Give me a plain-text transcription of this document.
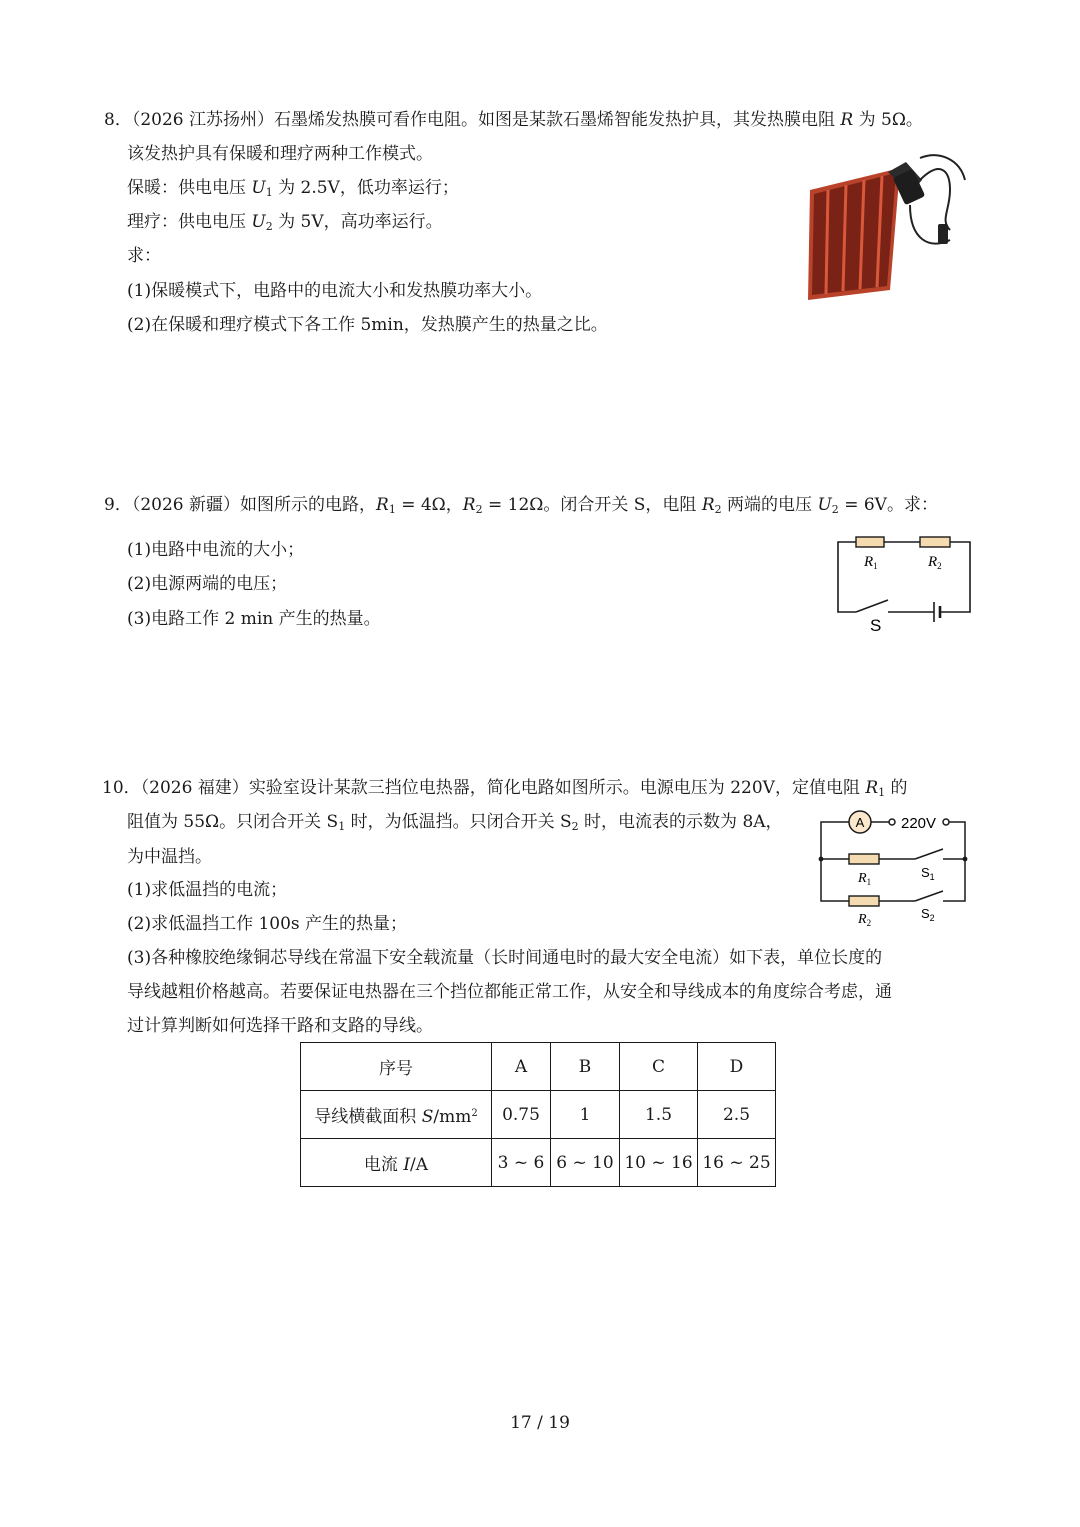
8．（2026 江苏扬州）石墨烯发热膜可看作电阻。如图是某款石墨烯智能发热护具，其发热膜电阻 R 为 5Ω。
该发热护具有保暖和理疗两种工作模式。
保暖：供电电压 $U_1$ 为 2.5V，低功率运行；
理疗：供电电压 $U_2$ 为 5V，高功率运行。
求：
(1)保暖模式下，电路中的电流大小和发热膜功率大小。
(2)在保暖和理疗模式下各工作 5min，发热膜产生的热量之比。
9．（2026 新疆）如图所示的电路，$R_1 = 4\Omega$，$R_2 = 12\Omega$。闭合开关 S，电阻 $R_2$ 两端的电压 $U_2 = 6V$。求：
(1)电路中电流的大小；
(2)电源两端的电压；
(3)电路工作 2 min 产生的热量。
$R_1$	$R_2$
S
10．（2026 福建）实验室设计某款三挡位电热器，简化电路如图所示。电源电压为 220V，定值电阻 $R_1$ 的
阻值为 55Ω。只闭合开关 $S_1$ 时，为低温挡。只闭合开关 $S_2$ 时，电流表的示数为 8A，
为中温挡。
(1)求低温挡的电流；
(2)求低温挡工作 100s 产生的热量；
(3)各种橡胶绝缘铜芯导线在常温下安全载流量（长时间通电时的最大安全电流）如下表，单位长度的
导线越粗价格越高。若要保证电热器在三个挡位都能正常工作，从安全和导线成本的角度综合考虑，通
过计算判断如何选择干路和支路的导线。
A 220V
$R_1$
$R_2$
$S_1$
$S_2$
序号	A	B	C	D
导线横截面积 $S/mm^2$	0.75	1	1.5	2.5
电流 I/A	3 ~ 6	6 ~ 10	10 ~ 16	16 ~ 25
17 / 19
